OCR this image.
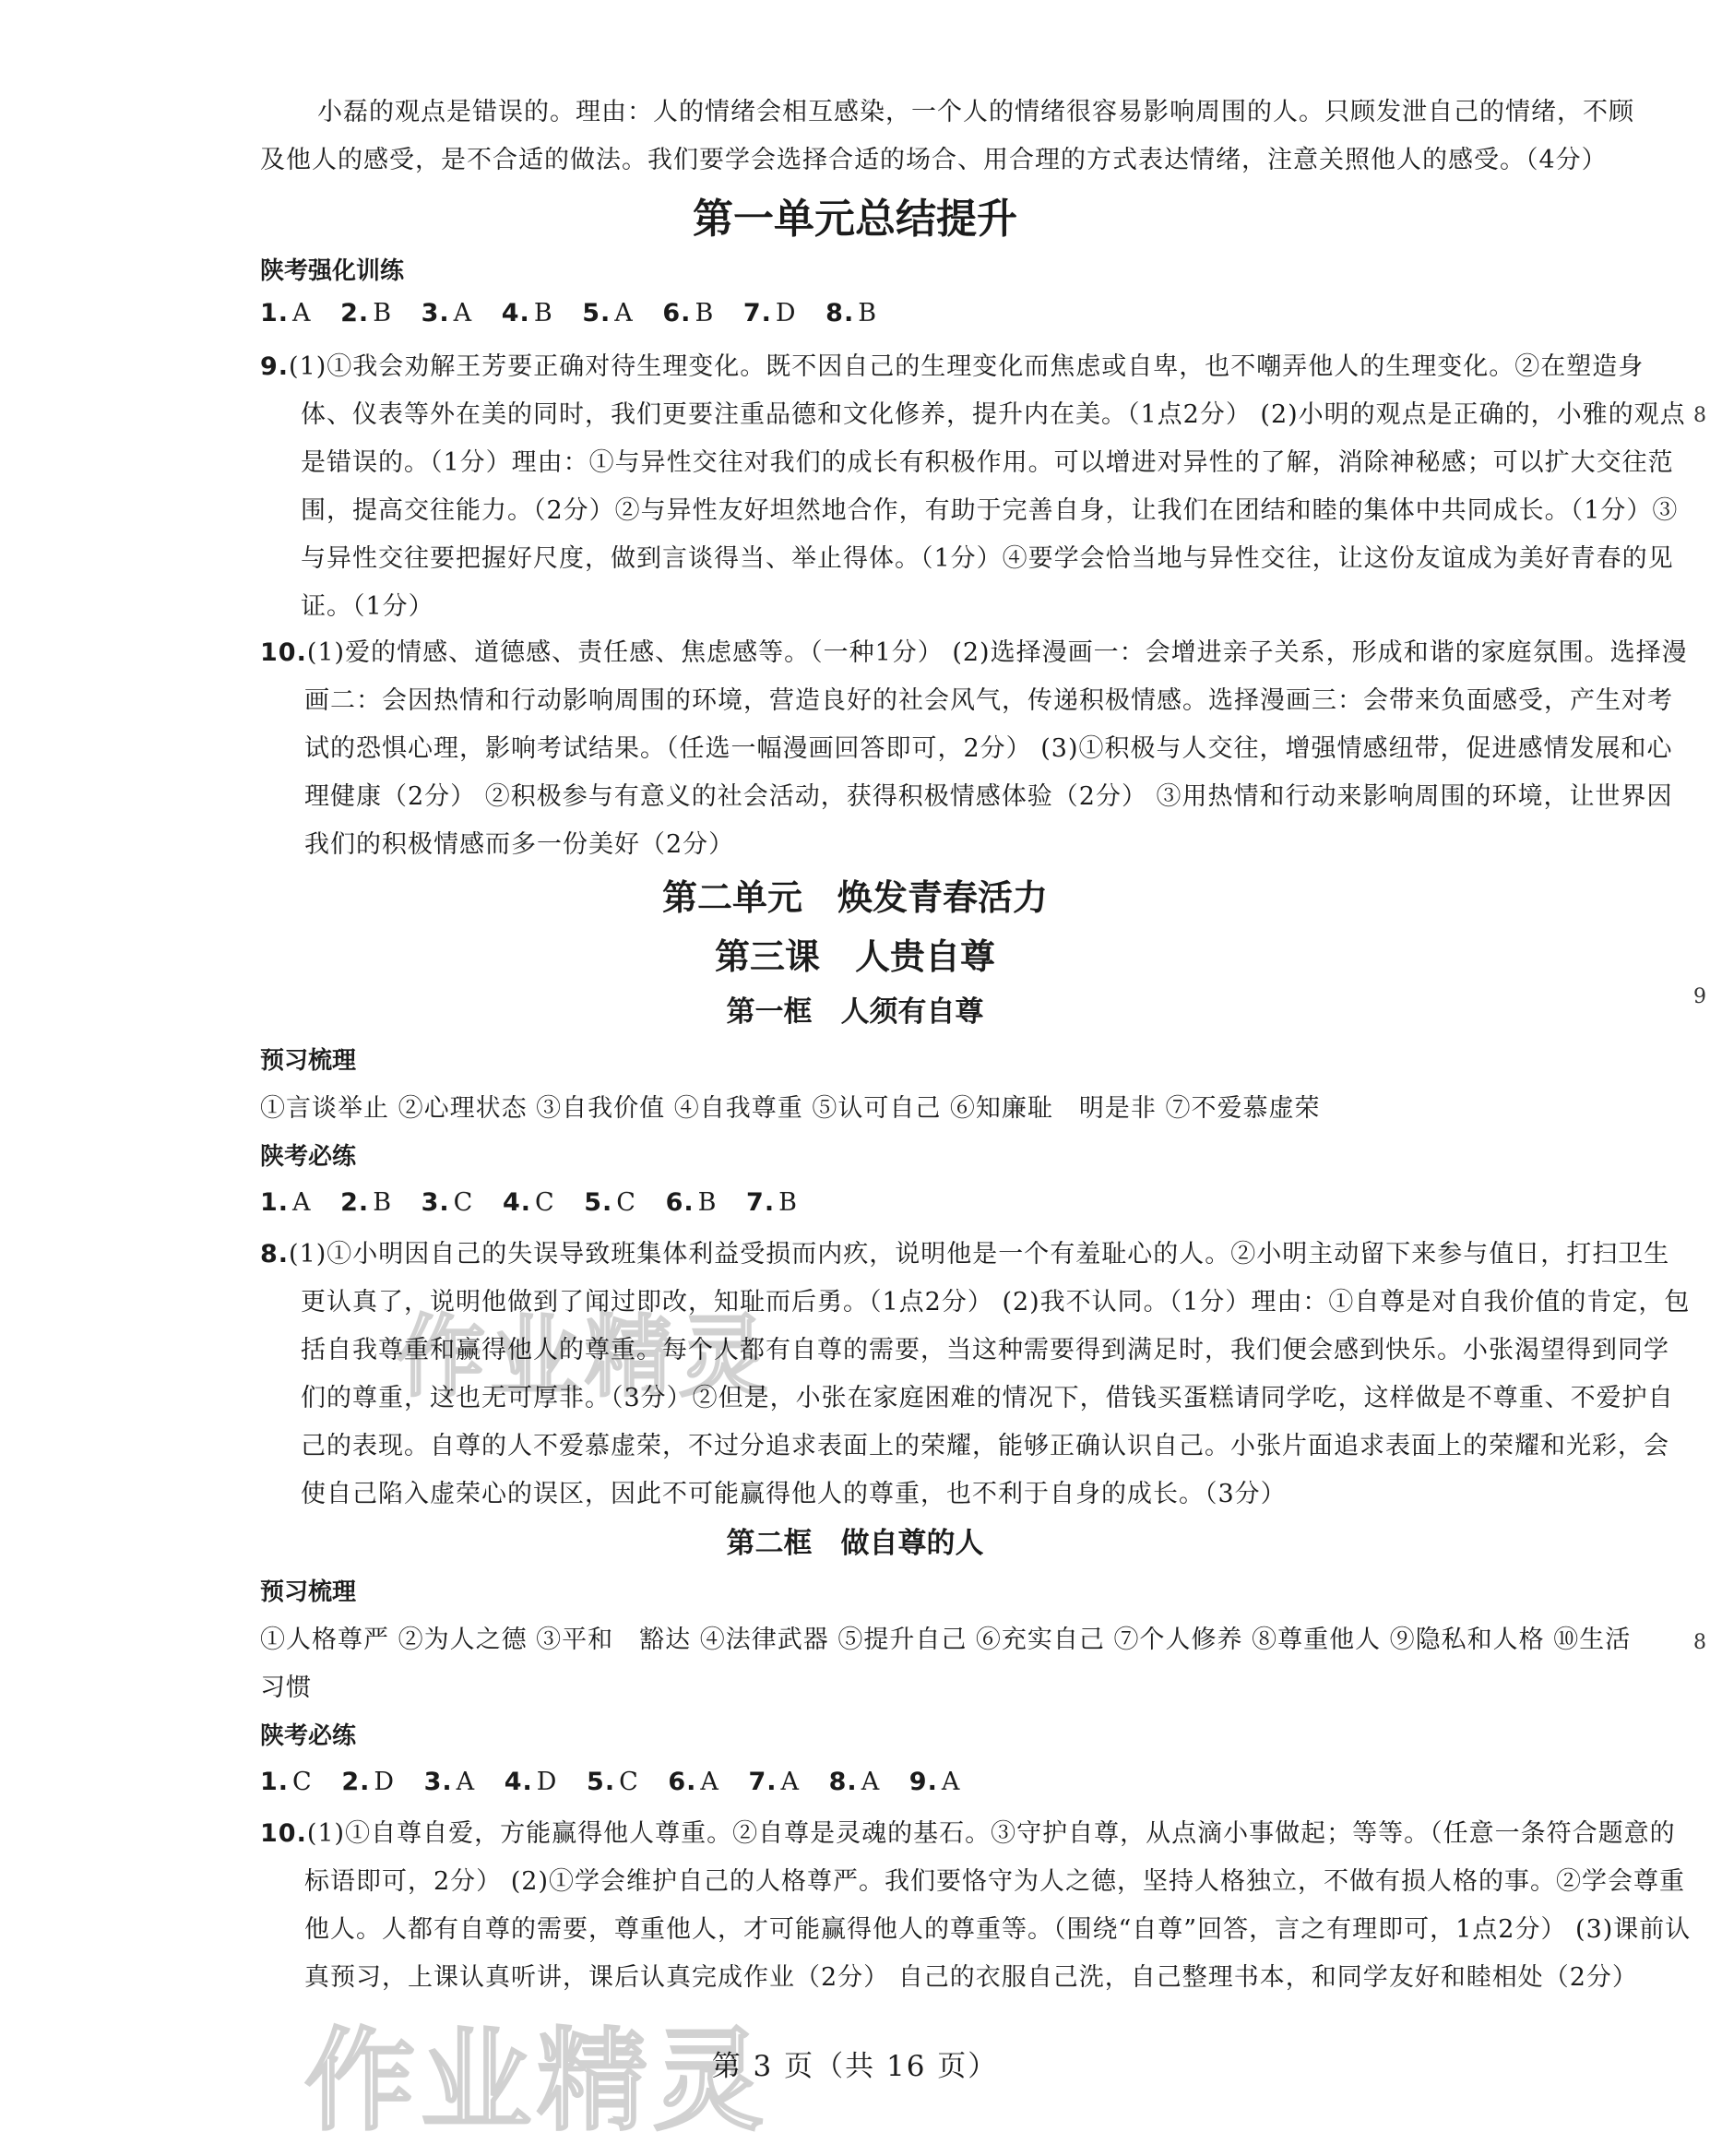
小磊的观点是错误的。理由：人的情绪会相互感染，一个人的情绪很容易影响周围的人。只顾发泄自己的情绪，不顾及他人的感受，是不合适的做法。我们要学会选择合适的场合、用合理的方式表达情绪，注意关照他人的感受。（4分）

第一单元总结提升
陕考强化训练
1. A 2. B 3. A 4. B 5. A 6. B 7. D 8. B

9.(1)①我会劝解王芳要正确对待生理变化。既不因自己的生理变化而焦虑或自卑，也不嘲弄他人的生理变化。②在塑造身体、仪表等外在美的同时，我们更要注重品德和文化修养，提升内在美。（1点2分） (2)小明的观点是正确的，小雅的观点是错误的。（1分）理由：①与异性交往对我们的成长有积极作用。可以增进对异性的了解，消除神秘感；可以扩大交往范围，提高交往能力。（2分）②与异性友好坦然地合作，有助于完善自身，让我们在团结和睦的集体中共同成长。（1分）③与异性交往要把握好尺度，做到言谈得当、举止得体。（1分）④要学会恰当地与异性交往，让这份友谊成为美好青春的见证。（1分）

10.(1)爱的情感、道德感、责任感、焦虑感等。（一种1分） (2)选择漫画一：会增进亲子关系，形成和谐的家庭氛围。选择漫画二：会因热情和行动影响周围的环境，营造良好的社会风气，传递积极情感。选择漫画三：会带来负面感受，产生对考试的恐惧心理，影响考试结果。（任选一幅漫画回答即可，2分） (3)①积极与人交往，增强情感纽带，促进感情发展和心理健康（2分） ②积极参与有意义的社会活动，获得积极情感体验（2分） ③用热情和行动来影响周围的环境，让世界因我们的积极情感而多一份美好（2分）

第二单元　焕发青春活力
第三课　人贵自尊
第一框　人须有自尊
预习梳理

①言谈举止 ②心理状态 ③自我价值 ④自我尊重 ⑤认可自己 ⑥知廉耻　明是非 ⑦不爱慕虚荣

陕考必练
1. A 2. B 3. C 4. C 5. C 6. B 7. B

8.(1)①小明因自己的失误导致班集体利益受损而内疚，说明他是一个有羞耻心的人。②小明主动留下来参与值日，打扫卫生更认真了，说明他做到了闻过即改，知耻而后勇。（1点2分） (2)我不认同。（1分）理由：①自尊是对自我价值的肯定，包括自我尊重和赢得他人的尊重。每个人都有自尊的需要，当这种需要得到满足时，我们便会感到快乐。小张渴望得到同学们的尊重，这也无可厚非。（3分）②但是，小张在家庭困难的情况下，借钱买蛋糕请同学吃，这样做是不尊重、不爱护自己的表现。自尊的人不爱慕虚荣，不过分追求表面上的荣耀，能够正确认识自己。小张片面追求表面上的荣耀和光彩，会使自己陷入虚荣心的误区，因此不可能赢得他人的尊重，也不利于自身的成长。（3分）

第二框　做自尊的人
预习梳理

①人格尊严 ②为人之德 ③平和　豁达 ④法律武器 ⑤提升自己 ⑥充实自己 ⑦个人修养 ⑧尊重他人 ⑨隐私和人格 ⑩生活习惯

陕考必练
1. C 2. D 3. A 4. D 5. C 6. A 7. A 8. A 9. A

10.(1)①自尊自爱，方能赢得他人尊重。②自尊是灵魂的基石。③守护自尊，从点滴小事做起；等等。（任意一条符合题意的标语即可，2分） (2)①学会维护自己的人格尊严。我们要恪守为人之德，坚持人格独立，不做有损人格的事。②学会尊重他人。人都有自尊的需要，尊重他人，才可能赢得他人的尊重等。（围绕“自尊”回答，言之有理即可，1点2分） (3)课前认真预习，上课认真听讲，课后认真完成作业（2分） 自己的衣服自己洗，自己整理书本，和同学友好和睦相处（2分）

第 3 页（共 16 页）
作业精灵
作业精灵
8
9
8
